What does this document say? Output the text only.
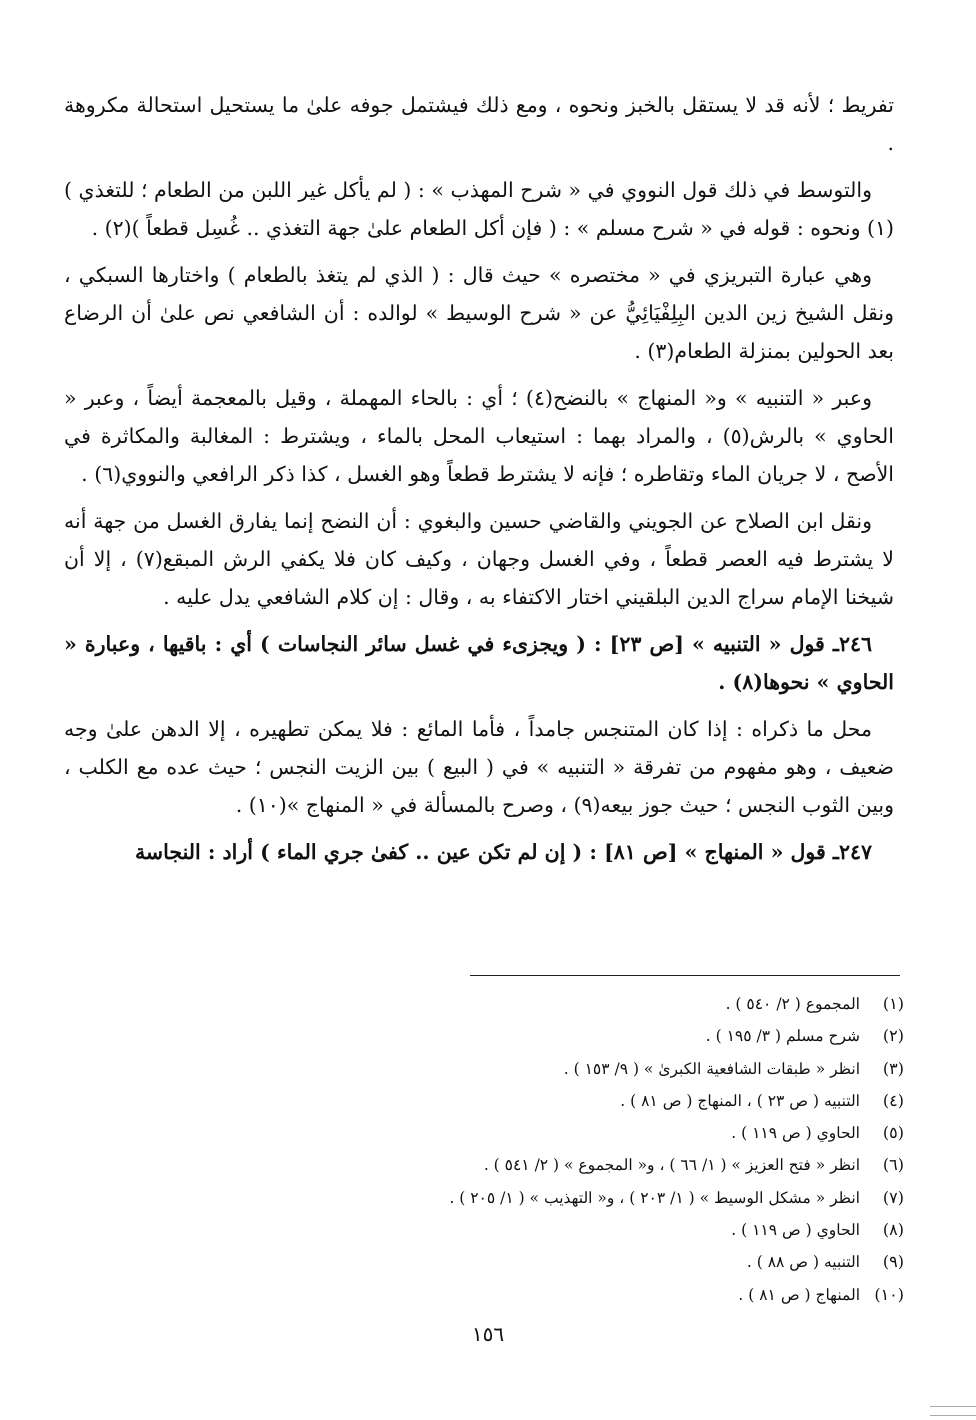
تفريط ؛ لأنه قد لا يستقل بالخبز ونحوه ، ومع ذلك فيشتمل جوفه علىٰ ما يستحيل استحالة مكروهة .

والتوسط في ذلك قول النووي في « شرح المهذب » : ( لم يأكل غير اللبن من الطعام ؛ للتغذي )(١) ونحوه : قوله في « شرح مسلم » : ( فإن أكل الطعام علىٰ جهة التغذي .. غُسِل قطعاً )(٢) .

وهي عبارة التبريزي في « مختصره » حيث قال : ( الذي لم يتغذ بالطعام ) واختارها السبكي ، ونقل الشيخ زين الدين البِلِفْيَائِيُّ عن « شرح الوسيط » لوالده : أن الشافعي نص علىٰ أن الرضاع بعد الحولين بمنزلة الطعام(٣) .

وعبر « التنبيه » و« المنهاج » بالنضح(٤) ؛ أي : بالحاء المهملة ، وقيل بالمعجمة أيضاً ، وعبر « الحاوي » بالرش(٥) ، والمراد بهما : استيعاب المحل بالماء ، ويشترط : المغالبة والمكاثرة في الأصح ، لا جريان الماء وتقاطره ؛ فإنه لا يشترط قطعاً وهو الغسل ، كذا ذكر الرافعي والنووي(٦) .

ونقل ابن الصلاح عن الجويني والقاضي حسين والبغوي : أن النضح إنما يفارق الغسل من جهة أنه لا يشترط فيه العصر قطعاً ، وفي الغسل وجهان ، وكيف كان فلا يكفي الرش المبقع(٧) ، إلا أن شيخنا الإمام سراج الدين البلقيني اختار الاكتفاء به ، وقال : إن كلام الشافعي يدل عليه .

٢٤٦ـ قول « التنبيه » [ص ٢٣] : ( ويجزىء في غسل سائر النجاسات ) أي : باقيها ، وعبارة « الحاوي » نحوها(٨) .

محل ما ذكراه : إذا كان المتنجس جامداً ، فأما المائع : فلا يمكن تطهيره ، إلا الدهن علىٰ وجه ضعيف ، وهو مفهوم من تفرقة « التنبيه » في ( البيع ) بين الزيت النجس ؛ حيث عده مع الكلب ، وبين الثوب النجس ؛ حيث جوز بيعه(٩) ، وصرح بالمسألة في « المنهاج »(١٠) .

٢٤٧ـ قول « المنهاج » [ص ٨١] : ( إن لم تكن عين .. كفىٰ جري الماء ) أراد : النجاسة

(١)المجموع ( ٢/ ٥٤٠ ) .
(٢)شرح مسلم ( ٣/ ١٩٥ ) .
(٣)انظر « طبقات الشافعية الكبرىٰ » ( ٩/ ١٥٣ ) .
(٤)التنبيه ( ص ٢٣ ) ، المنهاج ( ص ٨١ ) .
(٥)الحاوي ( ص ١١٩ ) .
(٦)انظر « فتح العزيز » ( ١/ ٦٦ ) ، و« المجموع » ( ٢/ ٥٤١ ) .
(٧)انظر « مشكل الوسيط » ( ١/ ٢٠٣ ) ، و« التهذيب » ( ١/ ٢٠٥ ) .
(٨)الحاوي ( ص ١١٩ ) .
(٩)التنبيه ( ص ٨٨ ) .
(١٠)المنهاج ( ص ٨١ ) .
١٥٦
